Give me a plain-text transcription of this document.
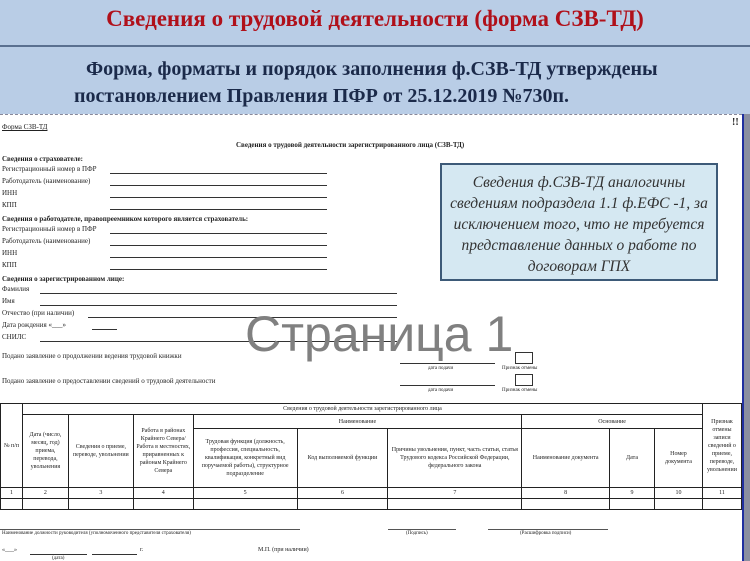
Сведения о трудовой деятельности (форма СЗВ-ТД)
Форма, форматы и порядок заполнения ф.СЗВ-ТД утверждены
постановлением Правления ПФР от 25.12.2019 №730п.
Форма СЗВ-ТД
Сведения о трудовой деятельности зарегистрированного лица (СЗВ-ТД)
Сведения о страхователе:
Регистрационный номер в ПФР
Работодатель (наименование)
ИНН
КПП
Сведения о работодателе, правопреемником которого является страхователь:
Регистрационный номер в ПФР
Работодатель (наименование)
ИНН
КПП
Сведения о зарегистрированном лице:
Фамилия
Имя
Отчество (при наличии)
Дата рождения «___»
СНИЛС
Подано заявление о продолжении ведения трудовой книжки
Подано заявление о предоставлении сведений о трудовой деятельности
дата подачи
дата подачи
Признак отмены
Признак отмены
!!
Наименование должности руководителя (уполномоченного представителя страхователя)	(Подпись)	(Расшифровка подписи)
«___»	г.
(дата)
М.П. (при наличии)
Страница 1
№ п/п	Сведения о трудовой деятельности зарегистрированного лица									Признак отмены записи сведений о приеме, переводе, увольнении
	Дата (число, месяц, год) приема, перевода, увольнения	Сведения о приеме, переводе, увольнении	Работа в районах Крайнего Севера/Работа в местностях, приравненных к районам Крайнего Севера	Наименование			Основание			
				Трудовая функция (должность, профессия, специальность, квалификация, конкретный вид поручаемой работы), структурное подразделение	Код выполняемой функции	Причины увольнения, пункт, часть статьи, статья Трудового кодекса Российской Федерации, федерального закона	Наименование документа	Дата	Номер документа	
1	2	3	4	5	6	7	8	9	10	11

Сведения ф.СЗВ-ТД аналогичны сведениям подраздела 1.1 ф.ЕФС -1, за исключением того, что не требуется представление данных о работе по договорам ГПХ
